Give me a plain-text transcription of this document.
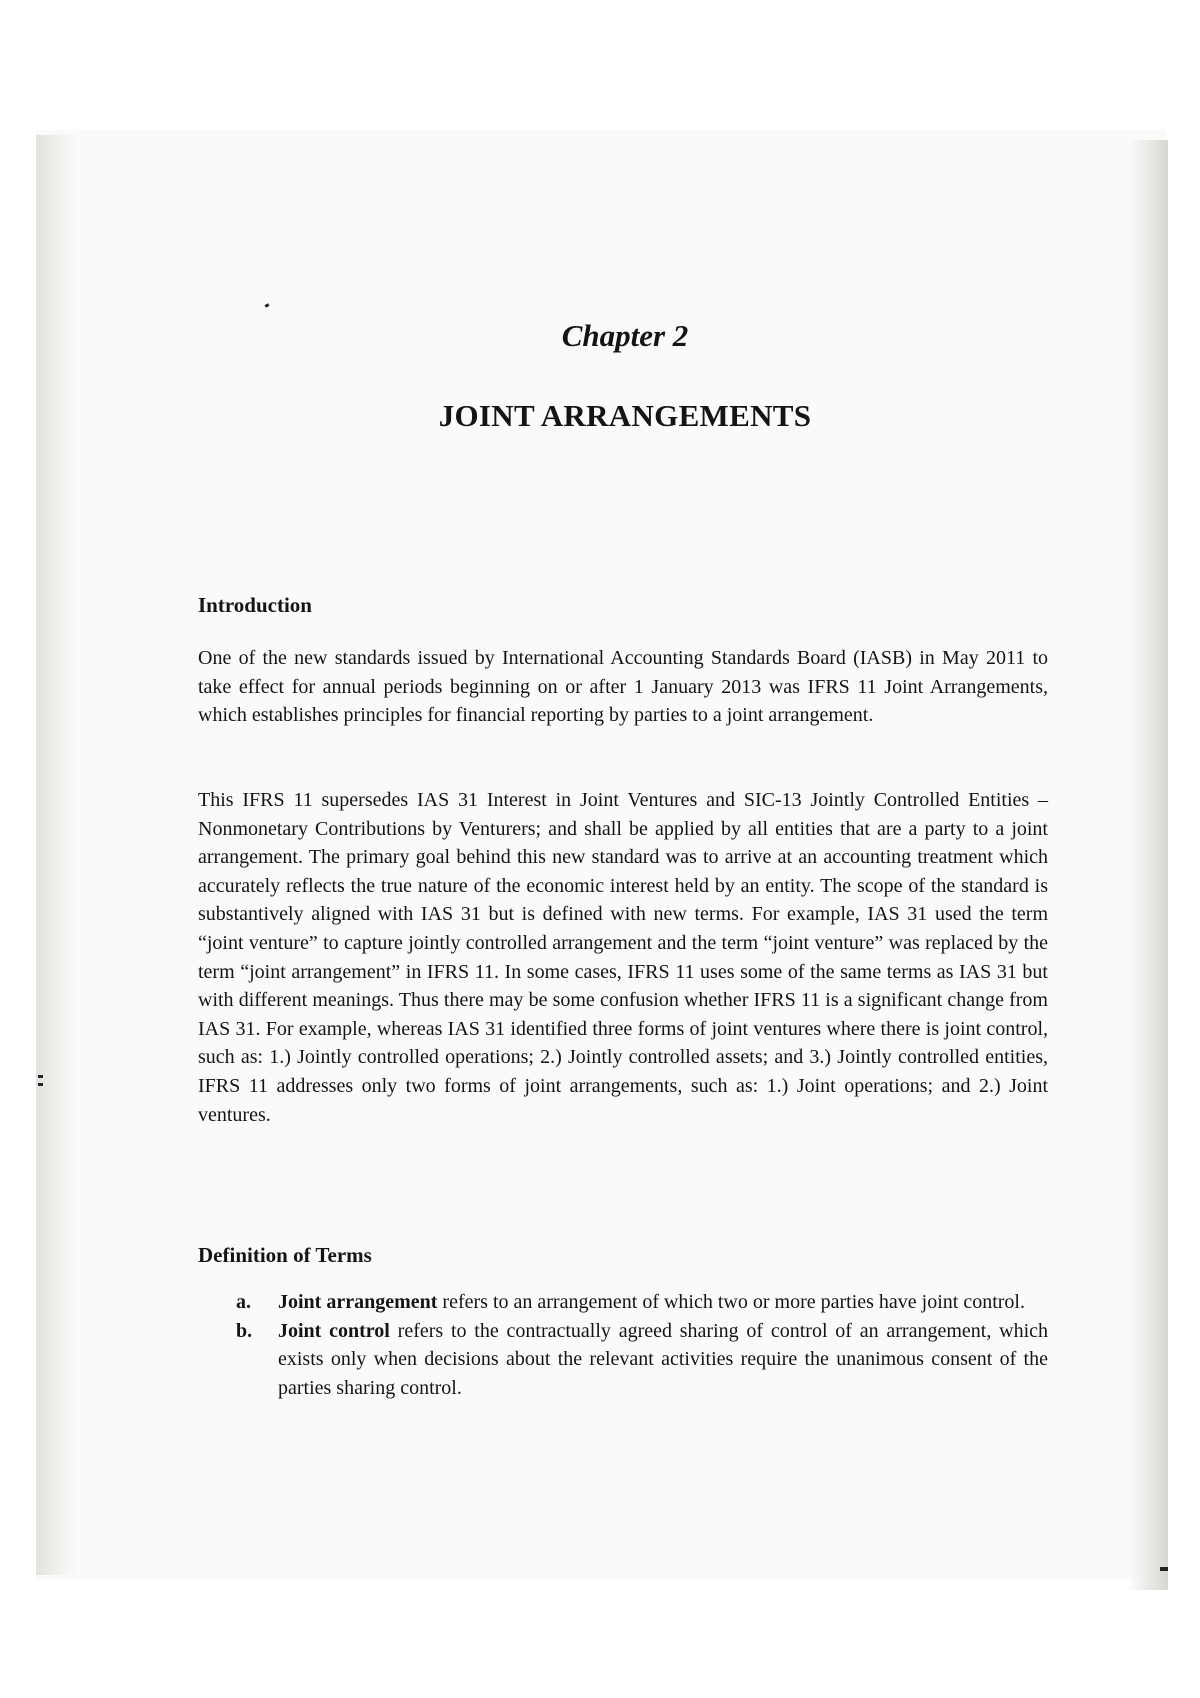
Chapter 2
JOINT ARRANGEMENTS
Introduction

One of the new standards issued by International Accounting Standards Board (IASB) in May 2011 to take effect for annual periods beginning on or after 1 January 2013 was IFRS 11 Joint Arrangements, which establishes principles for financial reporting by parties to a joint arrangement.

This IFRS 11 supersedes IAS 31 Interest in Joint Ventures and SIC-13 Jointly Controlled Entities – Nonmonetary Contributions by Venturers; and shall be applied by all entities that are a party to a joint arrangement. The primary goal behind this new standard was to arrive at an accounting treatment which accurately reflects the true nature of the economic interest held by an entity. The scope of the standard is substantively aligned with IAS 31 but is defined with new terms. For example, IAS 31 used the term “joint venture” to capture jointly controlled arrangement and the term “joint venture” was replaced by the term “joint arrangement” in IFRS 11. In some cases, IFRS 11 uses some of the same terms as IAS 31 but with different meanings. Thus there may be some confusion whether IFRS 11 is a significant change from IAS 31. For example, whereas IAS 31 identified three forms of joint ventures where there is joint control, such as: 1.) Jointly controlled operations; 2.) Jointly controlled assets; and 3.) Jointly controlled entities, IFRS 11 addresses only two forms of joint arrangements, such as: 1.) Joint operations; and 2.) Joint ventures.

Definition of Terms
a. Joint arrangement refers to an arrangement of which two or more parties have joint control.
b. Joint control refers to the contractually agreed sharing of control of an arrangement, which exists only when decisions about the relevant activities require the unanimous consent of the parties sharing control.
